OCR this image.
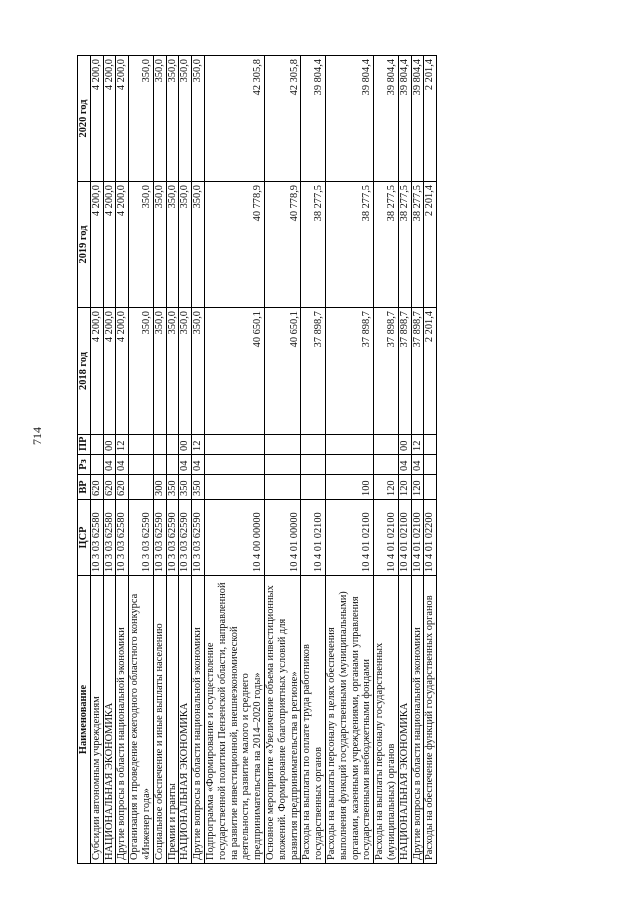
714
Наименование	ЦСР	ВР	Рз	ПР	2018 год	2019 год	2020 год
Субсидии автономным учреждениям	10 3 03 62580	620			4 200,0	4 200,0	4 200,0
НАЦИОНАЛЬНАЯ ЭКОНОМИКА	10 3 03 62580	620	04	00	4 200,0	4 200,0	4 200,0
Другие вопросы в области национальной экономики	10 3 03 62580	620	04	12	4 200,0	4 200,0	4 200,0
Организация и проведение ежегодного областного конкурса «Инженер года»	10 3 03 62590				350,0	350,0	350,0
Социальное обеспечение и иные выплаты населению	10 3 03 62590	300			350,0	350,0	350,0
Премии и гранты	10 3 03 62590	350			350,0	350,0	350,0
НАЦИОНАЛЬНАЯ ЭКОНОМИКА	10 3 03 62590	350	04	00	350,0	350,0	350,0
Другие вопросы в области национальной экономики	10 3 03 62590	350	04	12	350,0	350,0	350,0
Подпрограмма «Формирование и осуществление государственной политики Пензенской области, направленной на развитие инвестиционной, внешнеэкономической деятельности, развитие малого и среднего предпринимательства на 2014–2020 годы»	10 4 00 00000				40 650,1	40 778,9	42 305,8
Основное мероприятие «Увеличение объема инвестиционных вложений. Формирование благоприятных условий для развития предпринимательства в регионе»	10 4 01 00000				40 650,1	40 778,9	42 305,8
Расходы на выплаты по оплате труда работников государственных органов	10 4 01 02100				37 898,7	38 277,5	39 804,4
Расходы на выплаты персоналу в целях обеспечения выполнения функций государственными (муниципальными) органами, казенными учреждениями, органами управления государственными внебюджетными фондами	10 4 01 02100	100			37 898,7	38 277,5	39 804,4
Расходы на выплаты персоналу государственных (муниципальных) органов	10 4 01 02100	120			37 898,7	38 277,5	39 804,4
НАЦИОНАЛЬНАЯ ЭКОНОМИКА	10 4 01 02100	120	04	00	37 898,7	38 277,5	39 804,4
Другие вопросы в области национальной экономики	10 4 01 02100	120	04	12	37 898,7	38 277,5	39 804,4
Расходы на обеспечение функций государственных органов	10 4 01 02200				2 201,4	2 201,4	2 201,4
